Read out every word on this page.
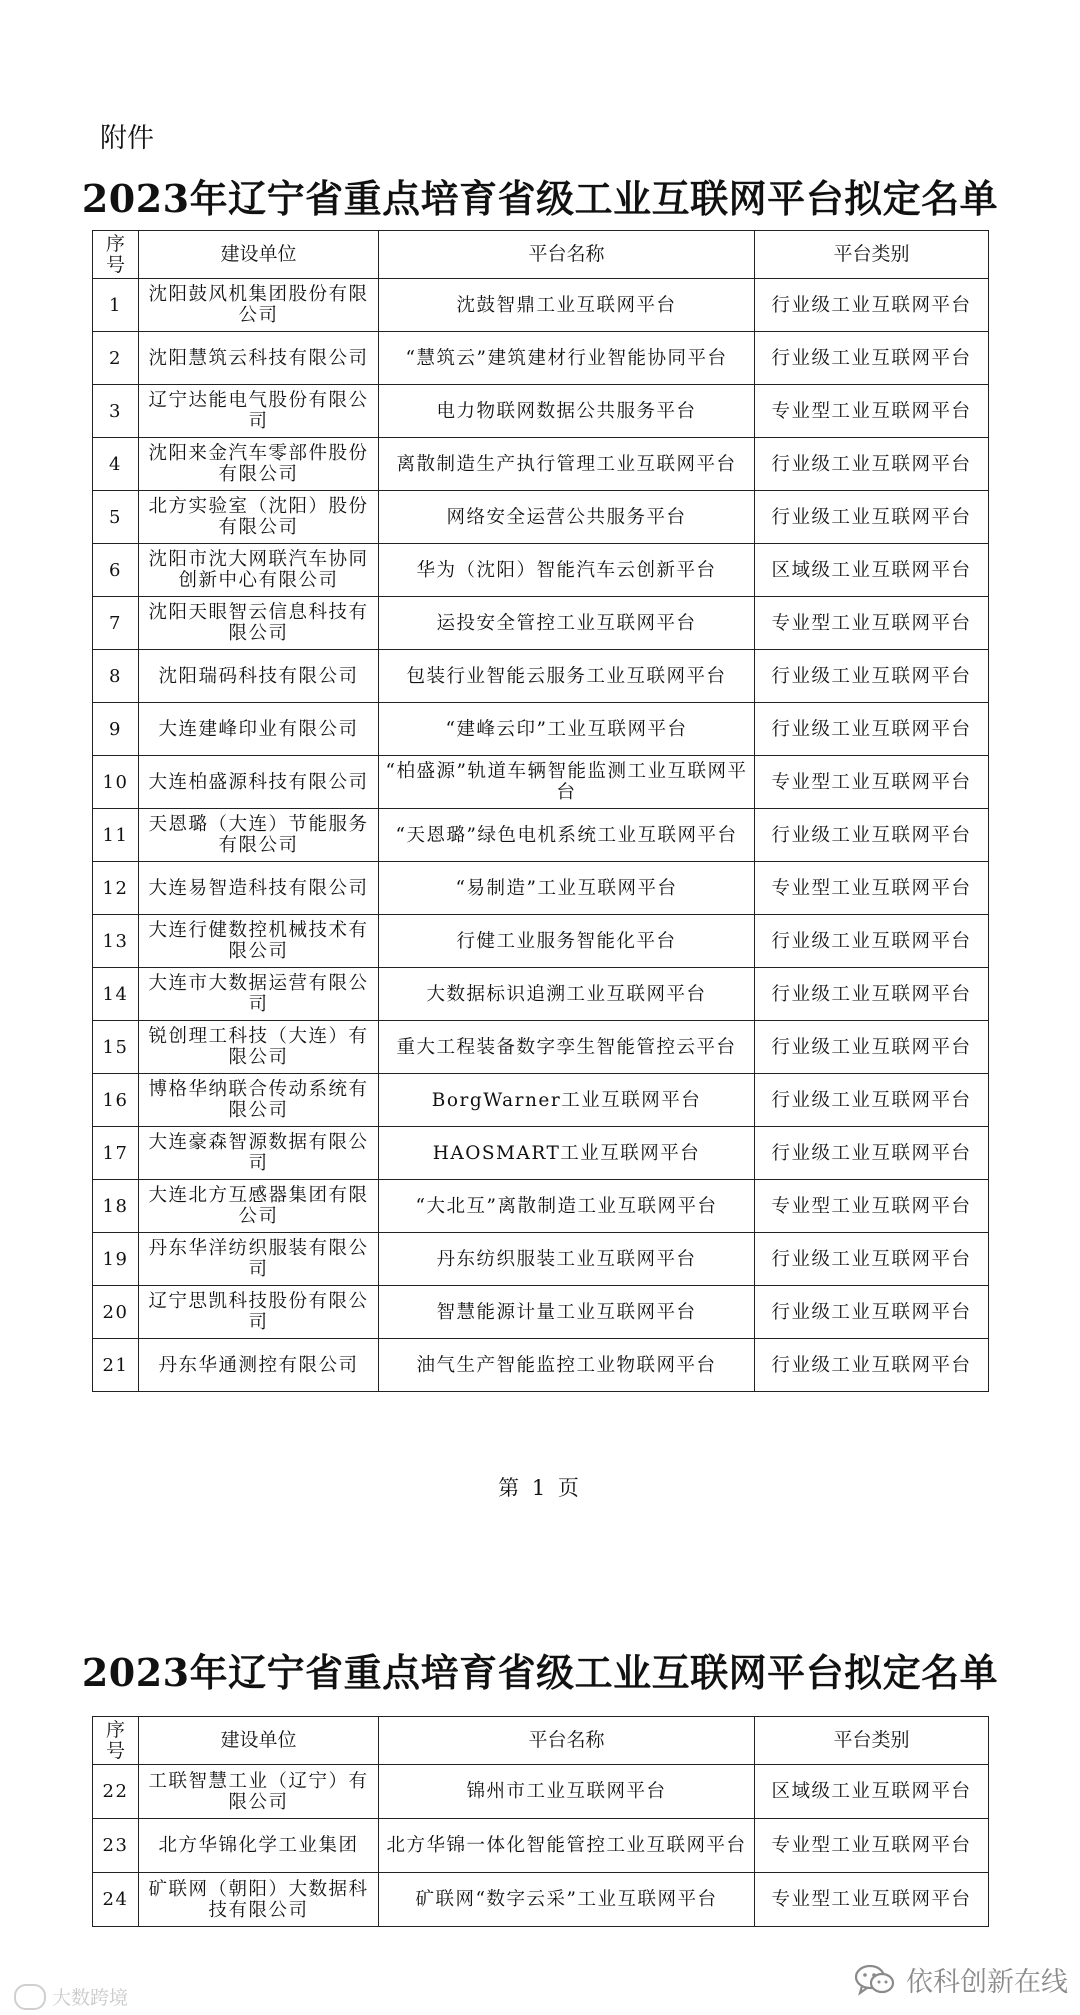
附件
2023年辽宁省重点培育省级工业互联网平台拟定名单
序号	建设单位	平台名称	平台类别
1	沈阳鼓风机集团股份有限公司	沈鼓智鼎工业互联网平台	行业级工业互联网平台
2	沈阳慧筑云科技有限公司	“慧筑云”建筑建材行业智能协同平台	行业级工业互联网平台
3	辽宁达能电气股份有限公司	电力物联网数据公共服务平台	专业型工业互联网平台
4	沈阳来金汽车零部件股份有限公司	离散制造生产执行管理工业互联网平台	行业级工业互联网平台
5	北方实验室（沈阳）股份有限公司	网络安全运营公共服务平台	行业级工业互联网平台
6	沈阳市沈大网联汽车协同创新中心有限公司	华为（沈阳）智能汽车云创新平台	区域级工业互联网平台
7	沈阳天眼智云信息科技有限公司	运投安全管控工业互联网平台	专业型工业互联网平台
8	沈阳瑞码科技有限公司	包装行业智能云服务工业互联网平台	行业级工业互联网平台
9	大连建峰印业有限公司	“建峰云印”工业互联网平台	行业级工业互联网平台
10	大连柏盛源科技有限公司	“柏盛源”轨道车辆智能监测工业互联网平台	专业型工业互联网平台
11	天恩璐（大连）节能服务有限公司	“天恩璐”绿色电机系统工业互联网平台	行业级工业互联网平台
12	大连易智造科技有限公司	“易制造”工业互联网平台	专业型工业互联网平台
13	大连行健数控机械技术有限公司	行健工业服务智能化平台	行业级工业互联网平台
14	大连市大数据运营有限公司	大数据标识追溯工业互联网平台	行业级工业互联网平台
15	锐创理工科技（大连）有限公司	重大工程装备数字孪生智能管控云平台	行业级工业互联网平台
16	博格华纳联合传动系统有限公司	BorgWarner工业互联网平台	行业级工业互联网平台
17	大连豪森智源数据有限公司	HAOSMART工业互联网平台	行业级工业互联网平台
18	大连北方互感器集团有限公司	“大北互”离散制造工业互联网平台	专业型工业互联网平台
19	丹东华洋纺织服装有限公司	丹东纺织服装工业互联网平台	行业级工业互联网平台
20	辽宁思凯科技股份有限公司	智慧能源计量工业互联网平台	行业级工业互联网平台
21	丹东华通测控有限公司	油气生产智能监控工业物联网平台	行业级工业互联网平台
第 1 页
2023年辽宁省重点培育省级工业互联网平台拟定名单
序号	建设单位	平台名称	平台类别
22	工联智慧工业（辽宁）有限公司	锦州市工业互联网平台	区域级工业互联网平台
23	北方华锦化学工业集团	北方华锦一体化智能管控工业互联网平台	专业型工业互联网平台
24	矿联网（朝阳）大数据科技有限公司	矿联网“数字云采”工业互联网平台	专业型工业互联网平台
大数跨境	依科创新在线
